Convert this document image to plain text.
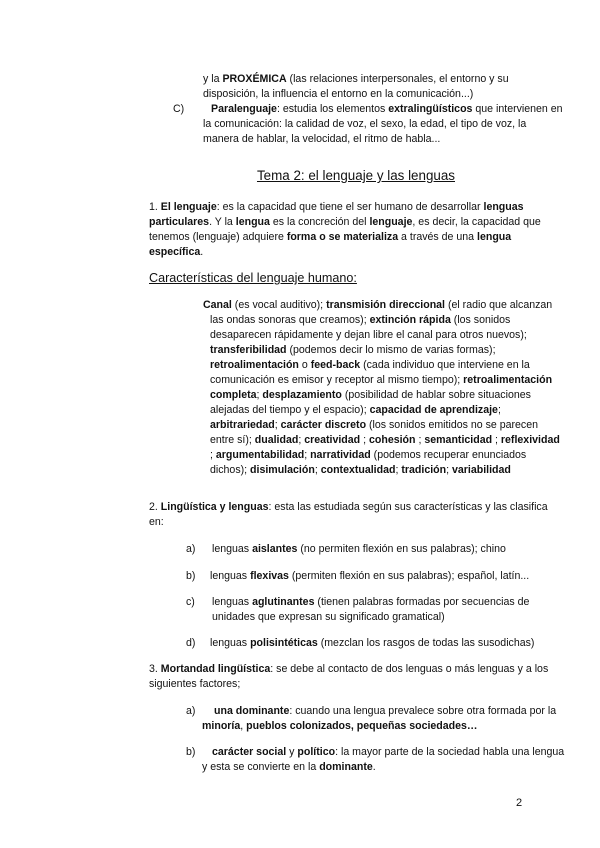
y la PROXÉMICA (las relaciones interpersonales, el entorno y su disposición, la influencia el entorno en la comunicación...)

C)	Paralenguaje: estudia los elementos extralingüísticos que intervienen en la comunicación: la calidad de voz, el sexo, la edad, el tipo de voz, la manera de hablar, la velocidad, el ritmo de habla...

Tema 2: el lenguaje y las lenguas

1. El lenguaje: es la capacidad que tiene el ser humano de desarrollar lenguas particulares. Y la lengua es la concreción del lenguaje, es decir, la capacidad que tenemos (lenguaje) adquiere forma o se materializa a través de una lengua específica.

Características del lenguaje humano:

Canal (es vocal auditivo); transmisión direccional (el radio que alcanzan las ondas sonoras que creamos); extinción rápida (los sonidos desaparecen rápidamente y dejan libre el canal para otros nuevos); transferibilidad (podemos decir lo mismo de varias formas); retroalimentación o feed-back (cada individuo que interviene en la comunicación es emisor y receptor al mismo tiempo); retroalimentación completa; desplazamiento (posibilidad de hablar sobre situaciones alejadas del tiempo y el espacio); capacidad de aprendizaje; arbitrariedad; carácter discreto (los sonidos emitidos no se parecen entre sí); dualidad; creatividad ; cohesión ; semanticidad ; reflexividad ; argumentabilidad; narratividad (podemos recuperar enunciados dichos); disimulación; contextualidad; tradición; variabilidad

2. Lingüística y lenguas: esta las estudiada según sus características y las clasifica en:

a) lenguas aislantes (no permiten flexión en sus palabras); chino

b) lenguas flexivas (permiten flexión en sus palabras); español, latín...

c) lenguas aglutinantes (tienen palabras formadas por secuencias de unidades que expresan su significado gramatical)

d) lenguas polisintéticas (mezclan los rasgos de todas las susodichas)

3. Mortandad lingüística: se debe al contacto de dos lenguas o más lenguas y a los siguientes factores;

a)	una dominante: cuando una lengua prevalece sobre otra formada por la minoría, pueblos colonizados, pequeñas sociedades…

b)	carácter social y político: la mayor parte de la sociedad habla una lengua y esta se convierte en la dominante.

2
